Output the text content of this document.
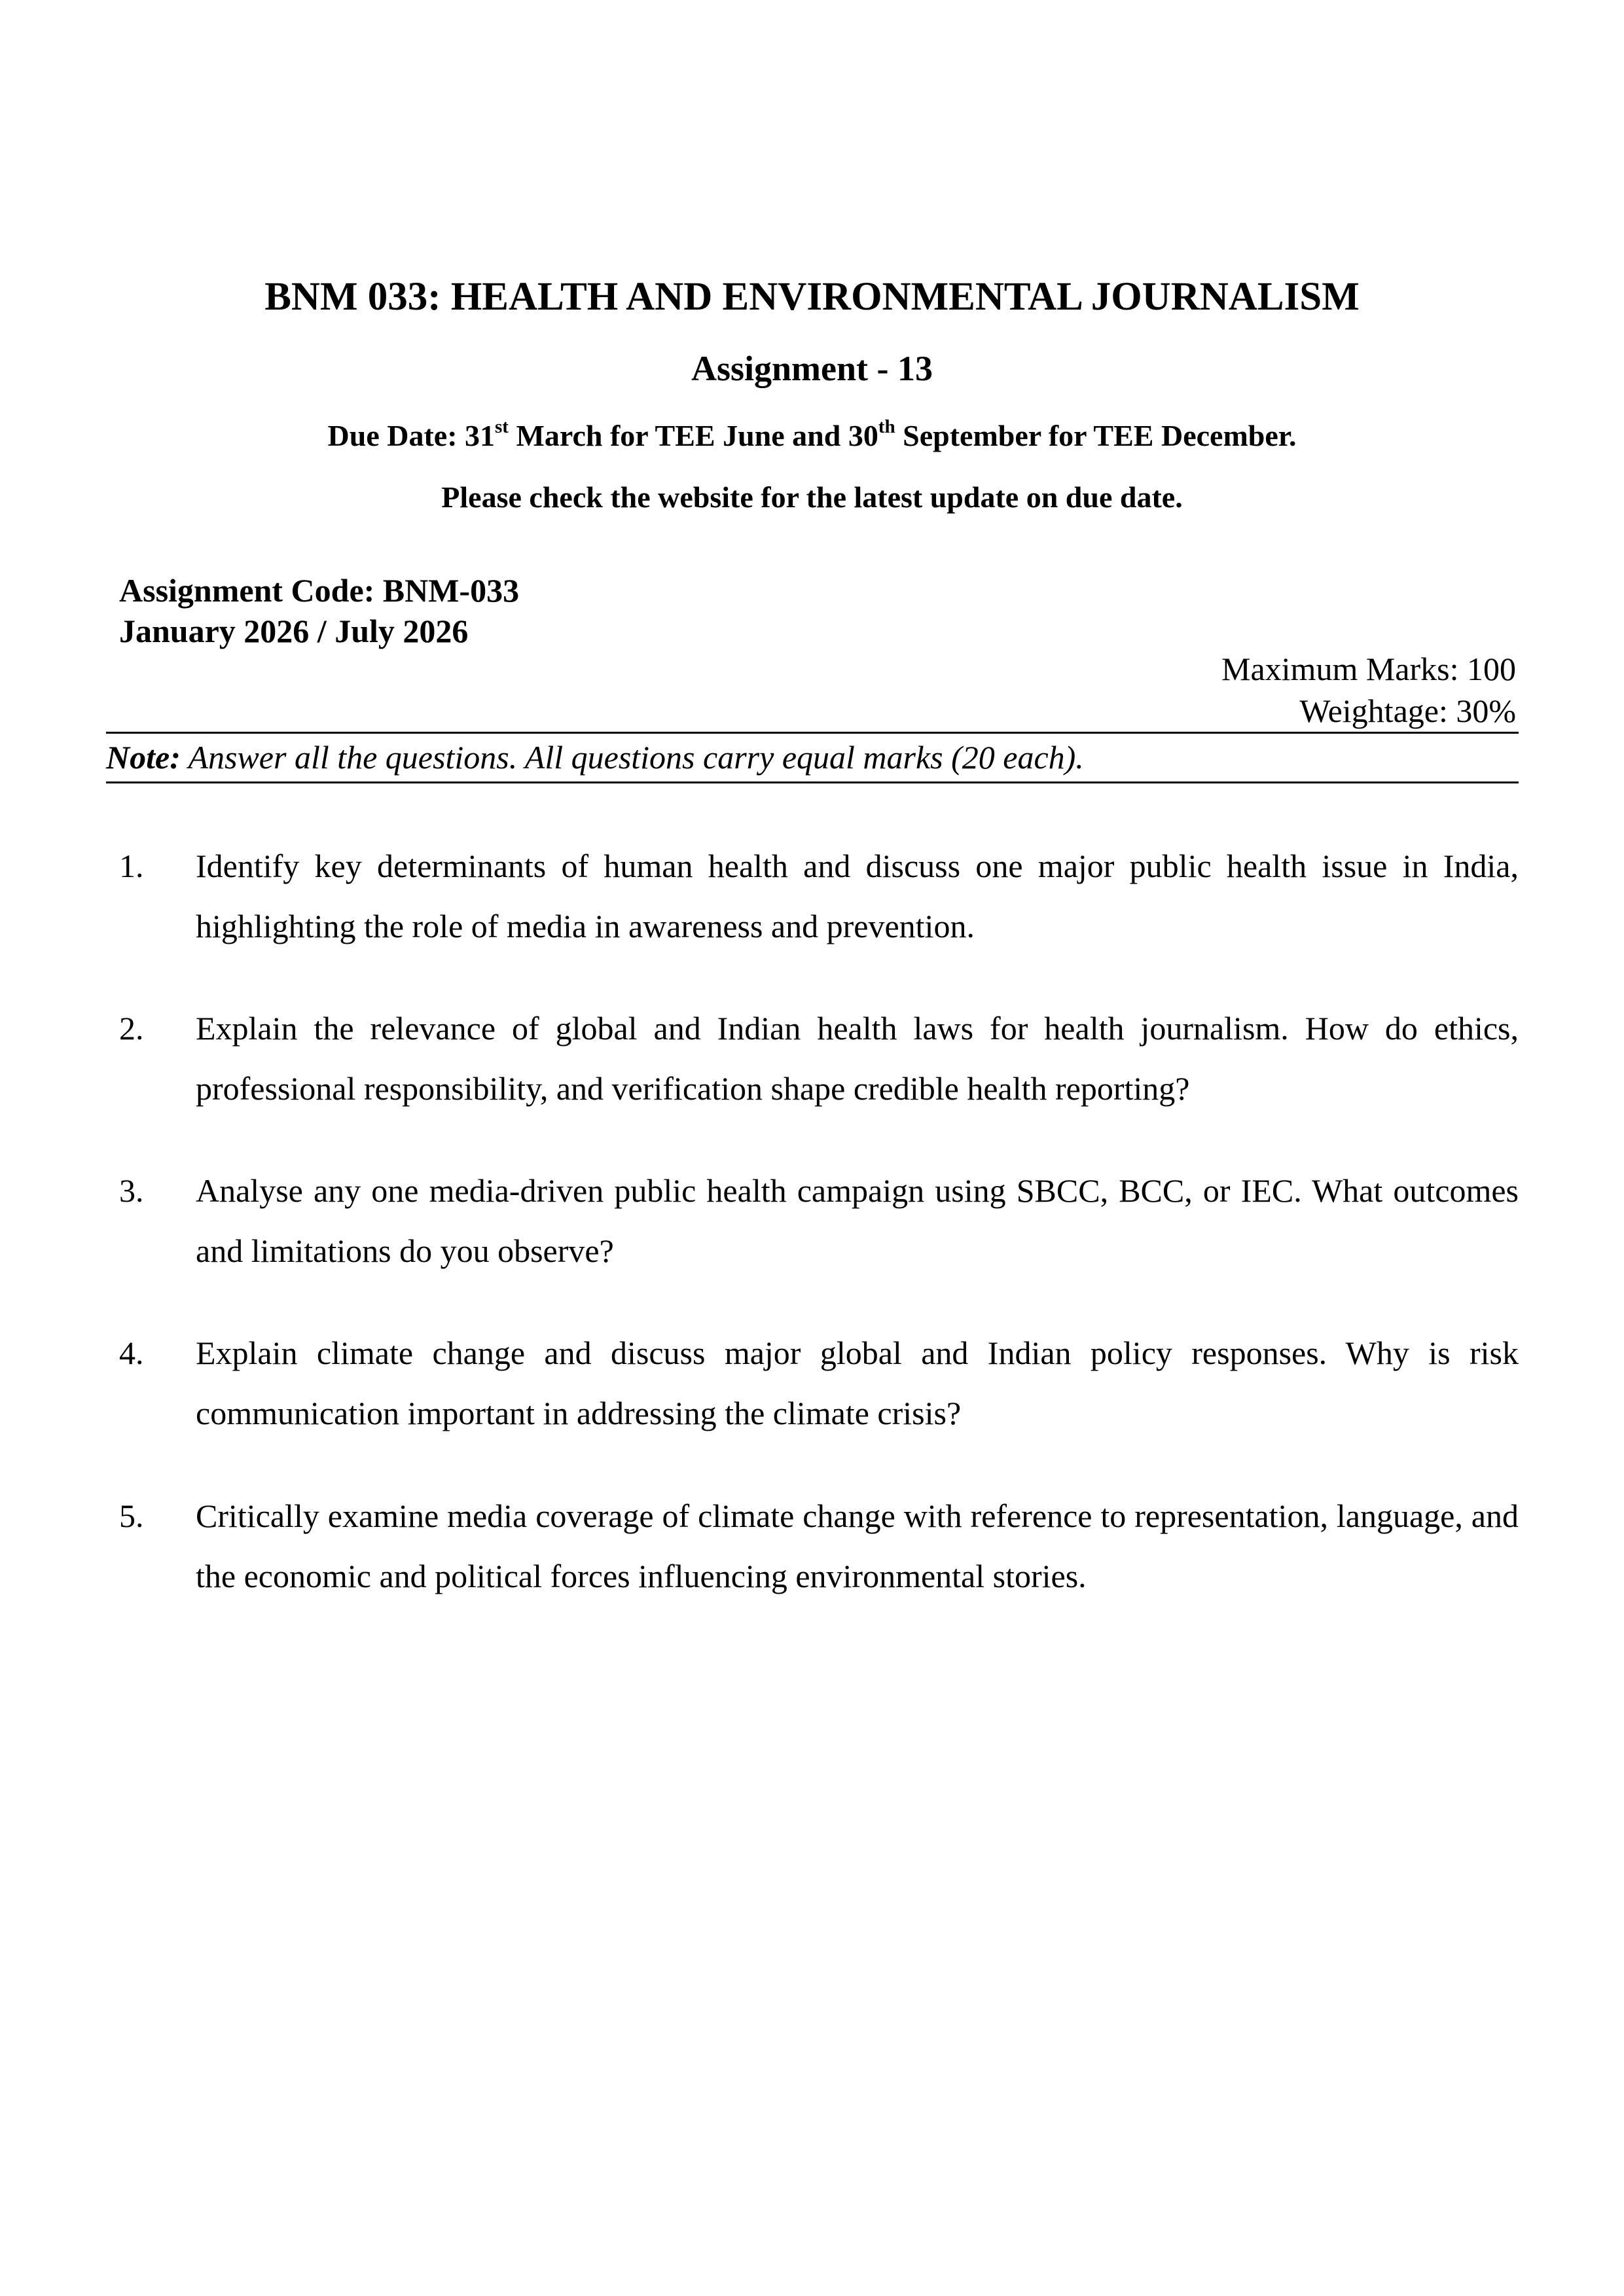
BNM 033: HEALTH AND ENVIRONMENTAL JOURNALISM
Assignment - 13
Due Date: 31st March for TEE June and 30th September for TEE December.
Please check the website for the latest update on due date.
Assignment Code: BNM-033
January 2026 / July 2026
Maximum Marks: 100
Weightage: 30%
Note: Answer all the questions. All questions carry equal marks (20 each).
1.	Identify key determinants of human health and discuss one major public health issue in India, highlighting the role of media in awareness and prevention.
2.	Explain the relevance of global and Indian health laws for health journalism. How do ethics, professional responsibility, and verification shape credible health reporting?
3.	Analyse any one media-driven public health campaign using SBCC, BCC, or IEC. What outcomes and limitations do you observe?
4.	Explain climate change and discuss major global and Indian policy responses. Why is risk communication important in addressing the climate crisis?
5.	Critically examine media coverage of climate change with reference to representation, language, and the economic and political forces influencing environmental stories.
